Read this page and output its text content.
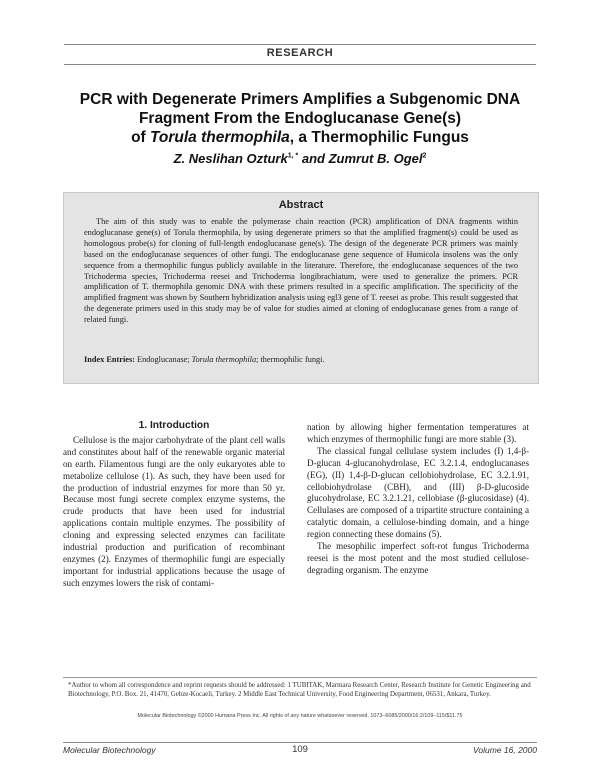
RESEARCH
PCR with Degenerate Primers Amplifies a Subgenomic DNA
Fragment From the Endoglucanase Gene(s)
of Torula thermophila, a Thermophilic Fungus
Z. Neslihan Ozturk$^{1, *}$ and Zumrut B. Ogel$^2$
Abstract
The aim of this study was to enable the polymerase chain reaction (PCR) amplification of DNA fragments within endoglucanase gene(s) of Torula thermophila, by using degenerate primers so that the amplified fragment(s) could be used as homologous probe(s) for cloning of full-length endoglucanase gene(s). The design of the degenerate PCR primers was mainly based on the endoglucanase sequences of other fungi. The endoglucanase gene sequence of Humicola insolens was the only sequence from a thermophilic fungus publicly available in the literature. Therefore, the endoglucanase sequences of the two Trichoderma species, Trichoderma reesei and Trichoderma longibrachiatum, were used to generalize the primers. PCR amplification of T. thermophila genomic DNA with these primers resulted in a specific amplification. The specificity of the amplified fragment was shown by Southern hybridization analysis using egl3 gene of T. reesei as probe. This result suggested that the degenerate primers used in this study may be of value for studies aimed at cloning of endoglucanase genes from a range of related fungi.
Index Entries: Endoglucanase; Torula thermophila; thermophilic fungi.
1. Introduction

Cellulose is the major carbohydrate of the plant cell walls and constitutes about half of the renewable organic material on earth. Filamentous fungi are the only eukaryotes able to metabolize cellulose (1). As such, they have been used for the production of industrial enzymes for more than 50 yr. Because most fungi secrete complex enzyme systems, the crude products that have been used for industrial applications contain multiple enzymes. The possibility of cloning and expressing selected enzymes can facilitate industrial production and purification of recombinant enzymes (2). Enzymes of thermophilic fungi are especially important for industrial applications because the usage of such enzymes lowers the risk of contami-

nation by allowing higher fermentation temperatures at which enzymes of thermophilic fungi are more stable (3).

The classical fungal cellulase system includes (I) 1,4-β-D-glucan 4-glucanohydrolase, EC 3.2.1.4, endoglucanases (EG), (II) 1,4-β-D-glucan cellobiohydrolase, EC 3.2.1.91, cellobiohydrolase (CBH), and (III) β-D-glucoside glucohydrolase, EC 3.2.1.21, cellobiase (β-glucosidase) (4). Cellulases are composed of a tripartite structure containing a catalytic domain, a cellulose-binding domain, and a hinge region connecting these domains (5).

The mesophilic imperfect soft-rot fungus Trichoderma reesei is the most potent and the most studied cellulose-degrading organism. The enzyme

*Author to whom all correspondence and reprint requests should be addressed: 1 TUBITAK, Marmara Research Center, Research Institute for Genetic Engineering and Biotechnology, P.O. Box. 21, 41470, Gebze-Kocaeli, Turkey. 2 Middle East Technical University, Food Engineering Department, 06531, Ankara, Turkey.
Molecular Biotechnology ©2000 Humana Press Inc. All rights of any nature whatsoever reserved. 1073–6085/2000/16:2/109–115/$11.75
Molecular Biotechnology	109	Volume 16, 2000
